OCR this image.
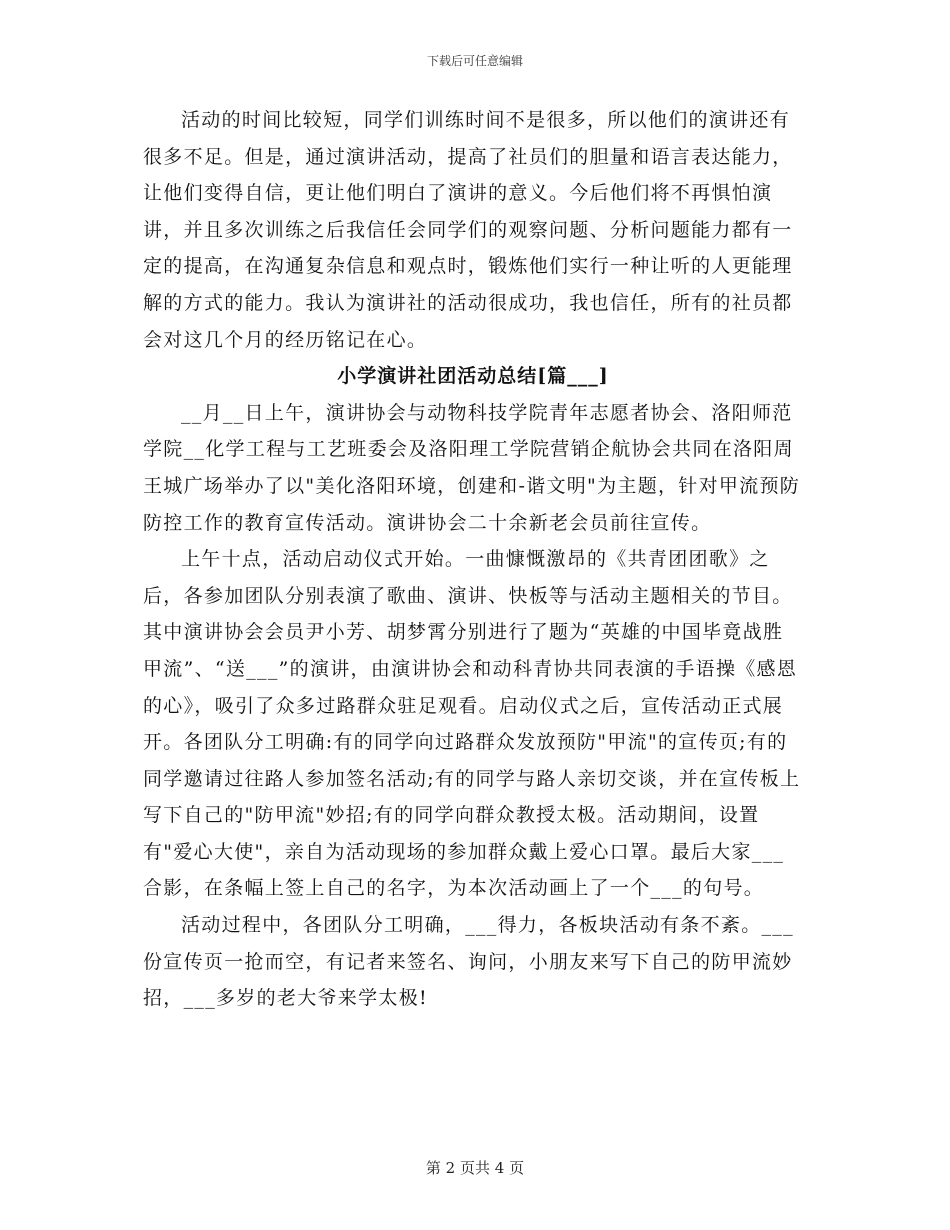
下载后可任意编辑

活动的时间比较短，同学们训练时间不是很多，所以他们的演讲还有很多不足。但是，通过演讲活动，提高了社员们的胆量和语言表达能力，让他们变得自信，更让他们明白了演讲的意义。今后他们将不再惧怕演讲，并且多次训练之后我信任会同学们的观察问题、分析问题能力都有一定的提高，在沟通复杂信息和观点时，锻炼他们实行一种让听的人更能理解的方式的能力。我认为演讲社的活动很成功，我也信任，所有的社员都会对这几个月的经历铭记在心。

小学演讲社团活动总结[篇___]

__月__日上午，演讲协会与动物科技学院青年志愿者协会、洛阳师范学院__化学工程与工艺班委会及洛阳理工学院营销企航协会共同在洛阳周王城广场举办了以"美化洛阳环境，创建和-谐文明"为主题，针对甲流预防防控工作的教育宣传活动。演讲协会二十余新老会员前往宣传。

上午十点，活动启动仪式开始。一曲慷慨激昂的《共青团团歌》之后，各参加团队分别表演了歌曲、演讲、快板等与活动主题相关的节目。其中演讲协会会员尹小芳、胡梦霄分别进行了题为“英雄的中国毕竟战胜甲流”、“送___”的演讲，由演讲协会和动科青协共同表演的手语操《感恩的心》，吸引了众多过路群众驻足观看。启动仪式之后，宣传活动正式展开。各团队分工明确:有的同学向过路群众发放预防"甲流"的宣传页;有的同学邀请过往路人参加签名活动;有的同学与路人亲切交谈，并在宣传板上写下自己的"防甲流"妙招;有的同学向群众教授太极。活动期间，设置有"爱心大使"，亲自为活动现场的参加群众戴上爱心口罩。最后大家___合影，在条幅上签上自己的名字，为本次活动画上了一个___的句号。

活动过程中，各团队分工明确，___得力，各板块活动有条不紊。___份宣传页一抢而空，有记者来签名、询问，小朋友来写下自己的防甲流妙招，___多岁的老大爷来学太极!

第 2 页共 4 页
